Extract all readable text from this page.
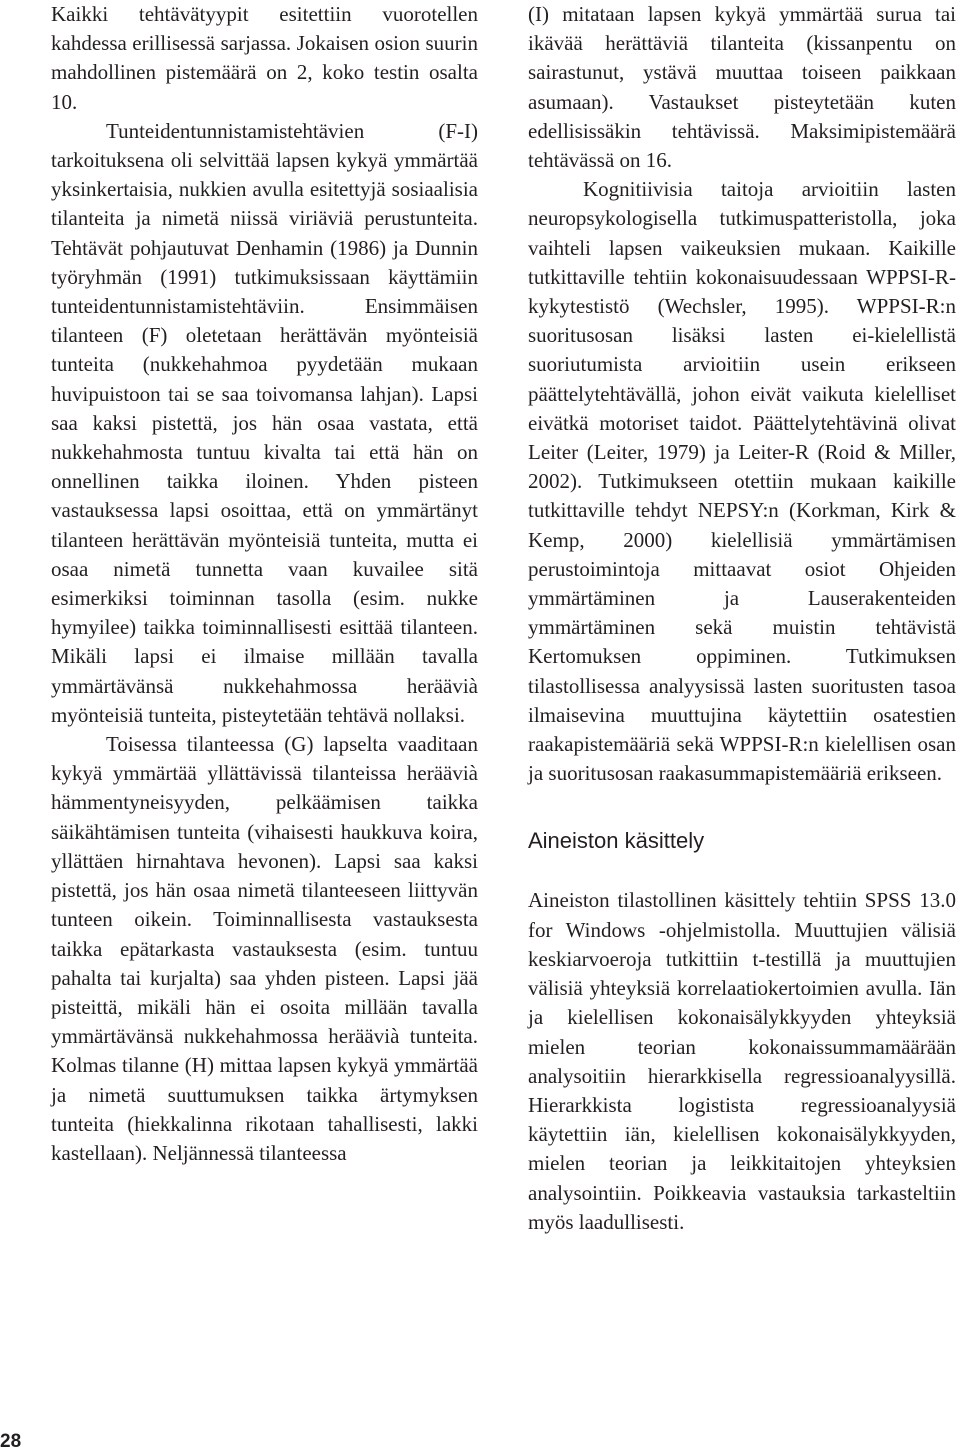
Kaikki tehtävätyypit esitettiin vuorotellen kahdessa erillisessä sarjassa. Jokaisen osion suurin mahdollinen pistemäärä on 2, koko testin osalta 10.

Tunteidentunnistamistehtävien (F-I) tarkoituksena oli selvittää lapsen kykyä ymmärtää yksinkertaisia, nukkien avulla esitettyjä sosiaalisia tilanteita ja nimetä niissä viriäviä perustunteita. Tehtävät pohjautuvat Denhamin (1986) ja Dunnin työryhmän (1991) tutkimuksissaan käyttämiin tunteidentunnistamistehtäviin. Ensimmäisen tilanteen (F) oletetaan herättävän myönteisiä tunteita (nukkehahmoa pyydetään mukaan huvipuistoon tai se saa toivomansa lahjan). Lapsi saa kaksi pistettä, jos hän osaa vastata, että nukkehahmosta tuntuu kivalta tai että hän on onnellinen taikka iloinen. Yhden pisteen vastauksessa lapsi osoittaa, että on ymmärtänyt tilanteen herättävän myönteisiä tunteita, mutta ei osaa nimetä tunnetta vaan kuvailee sitä esimerkiksi toiminnan tasolla (esim. nukke hymyilee) taikka toiminnallisesti esittää tilanteen. Mikäli lapsi ei ilmaise millään tavalla ymmärtävänsä nukkehahmossa heräävià myönteisiä tunteita, pisteytetään tehtävä nollaksi.

Toisessa tilanteessa (G) lapselta vaaditaan kykyä ymmärtää yllättävissä tilanteissa heräävià hämmentyneisyyden, pelkäämisen taikka säikähtämisen tunteita (vihaisesti haukkuva koira, yllättäen hirnahtava hevonen). Lapsi saa kaksi pistettä, jos hän osaa nimetä tilanteeseen liittyvän tunteen oikein. Toiminnallisesta vastauksesta taikka epätarkasta vastauksesta (esim. tuntuu pahalta tai kurjalta) saa yhden pisteen. Lapsi jää pisteittä, mikäli hän ei osoita millään tavalla ymmärtävänsä nukkehahmossa heräävià tunteita. Kolmas tilanne (H) mittaa lapsen kykyä ymmärtää ja nimetä suuttumuksen taikka ärtymyksen tunteita (hiekkalinna rikotaan tahallisesti, lakki kastellaan). Neljännessä tilanteessa

(I) mitataan lapsen kykyä ymmärtää surua tai ikävää herättäviä tilanteita (kissanpentu on sairastunut, ystävä muuttaa toiseen paikkaan asumaan). Vastaukset pisteytetään kuten edellisissäkin tehtävissä. Maksimipistemäärä tehtävässä on 16.

Kognitiivisia taitoja arvioitiin lasten neuropsykologisella tutkimuspatteristolla, joka vaihteli lapsen vaikeuksien mukaan. Kaikille tutkittaville tehtiin kokonaisuudessaan WPPSI-R-kykytestistö (Wechsler, 1995). WPPSI-R:n suoritusosan lisäksi lasten ei-kielellistä suoriutumista arvioitiin usein erikseen päättelytehtävällä, johon eivät vaikuta kielelliset eivätkä motoriset taidot. Päättelytehtävinä olivat Leiter (Leiter, 1979) ja Leiter-R (Roid & Miller, 2002). Tutkimukseen otettiin mukaan kaikille tutkittaville tehdyt NEPSY:n (Korkman, Kirk & Kemp, 2000) kielellisiä ymmärtämisen perustoimintoja mittaavat osiot Ohjeiden ymmärtäminen ja Lauserakenteiden ymmärtäminen sekä muistin tehtävistä Kertomuksen oppiminen. Tutkimuksen tilastollisessa analyysissä lasten suoritusten tasoa ilmaisevina muuttujina käytettiin osatestien raakapistemääriä sekä WPPSI-R:n kielellisen osan ja suoritusosan raakasummapistemääriä erikseen.

Aineiston käsittely

Aineiston tilastollinen käsittely tehtiin SPSS 13.0 for Windows -ohjelmistolla. Muuttujien välisiä keskiarvoeroja tutkittiin t-testillä ja muuttujien välisiä yhteyksiä korrelaatiokertoimien avulla. Iän ja kielellisen kokonaisälykkyyden yhteyksiä mielen teorian kokonaissummamäärään analysoitiin hierarkkisella regressioanalyysillä. Hierarkkista logistista regressioanalyysiä käytettiin iän, kielellisen kokonaisälykkyyden, mielen teorian ja leikkitaitojen yhteyksien analysointiin. Poikkeavia vastauksia tarkasteltiin myös laadullisesti.

28
